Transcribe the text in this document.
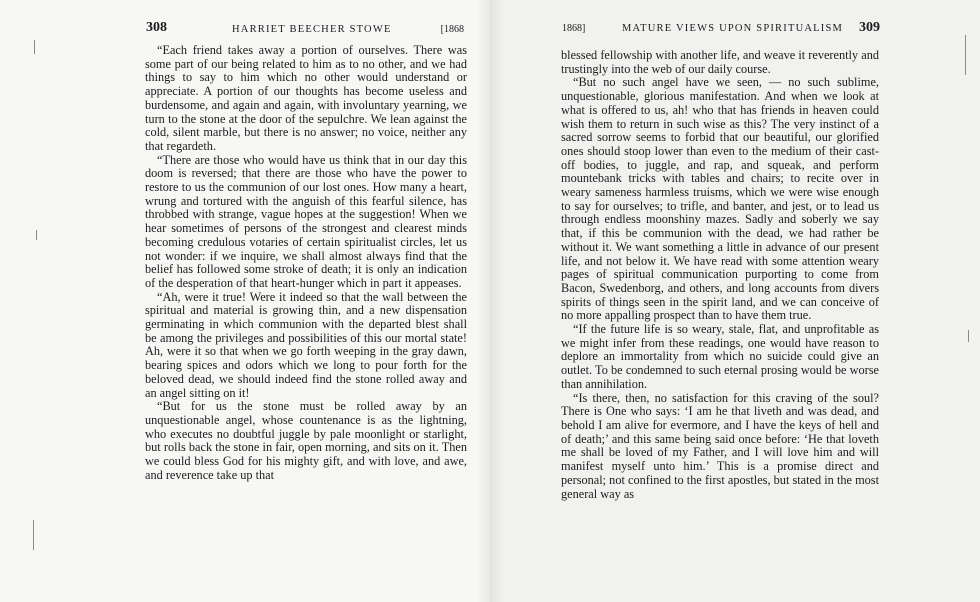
308	HARRIET BEECHER STOWE	[1868

“Each friend takes away a portion of ourselves. There was some part of our being related to him as to no other, and we had things to say to him which no other would understand or appreciate. A portion of our thoughts has become useless and burdensome, and again and again, with involuntary yearning, we turn to the stone at the door of the sepulchre. We lean against the cold, silent marble, but there is no answer; no voice, neither any that regardeth.

“There are those who would have us think that in our day this doom is reversed; that there are those who have the power to restore to us the communion of our lost ones. How many a heart, wrung and tortured with the anguish of this fearful silence, has throbbed with strange, vague hopes at the suggestion! When we hear sometimes of persons of the strongest and clearest minds becoming credulous votaries of certain spiritualist circles, let us not wonder: if we inquire, we shall almost always find that the belief has followed some stroke of death; it is only an indication of the desperation of that heart-hunger which in part it appeases.

“Ah, were it true! Were it indeed so that the wall between the spiritual and material is growing thin, and a new dispensation germinating in which communion with the departed blest shall be among the privileges and possibilities of this our mortal state! Ah, were it so that when we go forth weeping in the gray dawn, bearing spices and odors which we long to pour forth for the beloved dead, we should indeed find the stone rolled away and an angel sitting on it!

“But for us the stone must be rolled away by an unquestionable angel, whose countenance is as the lightning, who executes no doubtful juggle by pale moonlight or starlight, but rolls back the stone in fair, open morning, and sits on it. Then we could bless God for his mighty gift, and with love, and awe, and reverence take up that

1868]	MATURE VIEWS UPON SPIRITUALISM 309

blessed fellowship with another life, and weave it reverently and trustingly into the web of our daily course.

“But no such angel have we seen, — no such sublime, unquestionable, glorious manifestation. And when we look at what is offered to us, ah! who that has friends in heaven could wish them to return in such wise as this? The very instinct of a sacred sorrow seems to forbid that our beautiful, our glorified ones should stoop lower than even to the medium of their cast-off bodies, to juggle, and rap, and squeak, and perform mountebank tricks with tables and chairs; to recite over in weary sameness harmless truisms, which we were wise enough to say for ourselves; to trifle, and banter, and jest, or to lead us through endless moonshiny mazes. Sadly and soberly we say that, if this be communion with the dead, we had rather be without it. We want something a little in advance of our present life, and not below it. We have read with some attention weary pages of spiritual communication purporting to come from Bacon, Swedenborg, and others, and long accounts from divers spirits of things seen in the spirit land, and we can conceive of no more appalling prospect than to have them true.

“If the future life is so weary, stale, flat, and unprofitable as we might infer from these readings, one would have reason to deplore an immortality from which no suicide could give an outlet. To be condemned to such eternal prosing would be worse than annihilation.

“Is there, then, no satisfaction for this craving of the soul? There is One who says: ‘I am he that liveth and was dead, and behold I am alive for evermore, and I have the keys of hell and of death;’ and this same being said once before: ‘He that loveth me shall be loved of my Father, and I will love him and will manifest myself unto him.’ This is a promise direct and personal; not confined to the first apostles, but stated in the most general way as
